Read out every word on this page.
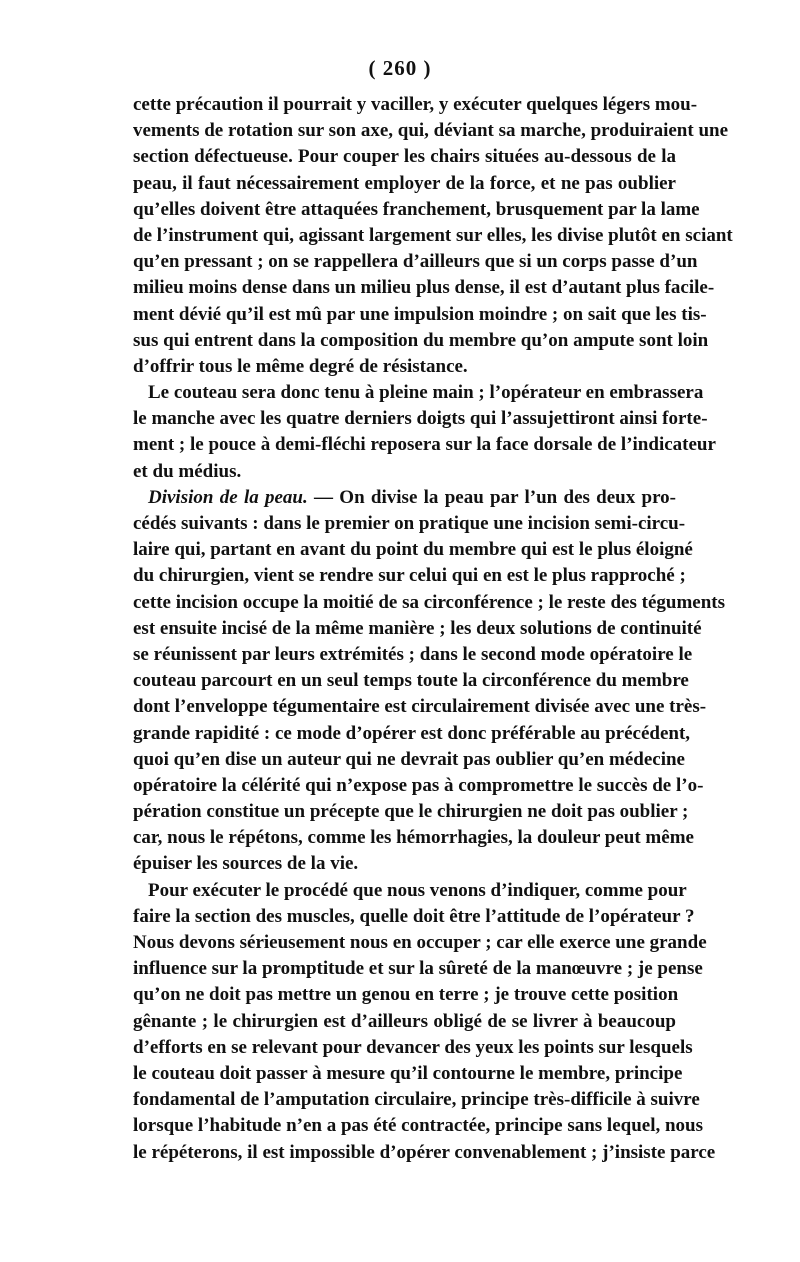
( 260 )
cette précaution il pourrait y vaciller, y exécuter quelques légers mou-
vements de rotation sur son axe, qui, déviant sa marche, produiraient une
section défectueuse. Pour couper les chairs situées au-dessous de la
peau, il faut nécessairement employer de la force, et ne pas oublier
qu’elles doivent être attaquées franchement, brusquement par la lame
de l’instrument qui, agissant largement sur elles, les divise plutôt en sciant
qu’en pressant ; on se rappellera d’ailleurs que si un corps passe d’un
milieu moins dense dans un milieu plus dense, il est d’autant plus facile-
ment dévié qu’il est mû par une impulsion moindre ; on sait que les tis-
sus qui entrent dans la composition du membre qu’on ampute sont loin
d’offrir tous le même degré de résistance.
Le couteau sera donc tenu à pleine main ; l’opérateur en embrassera
le manche avec les quatre derniers doigts qui l’assujettiront ainsi forte-
ment ; le pouce à demi-fléchi reposera sur la face dorsale de l’indicateur
et du médius.
Division de la peau. — On divise la peau par l’un des deux pro-
cédés suivants : dans le premier on pratique une incision semi-circu-
laire qui, partant en avant du point du membre qui est le plus éloigné
du chirurgien, vient se rendre sur celui qui en est le plus rapproché ;
cette incision occupe la moitié de sa circonférence ; le reste des téguments
est ensuite incisé de la même manière ; les deux solutions de continuité
se réunissent par leurs extrémités ; dans le second mode opératoire le
couteau parcourt en un seul temps toute la circonférence du membre
dont l’enveloppe tégumentaire est circulairement divisée avec une très-
grande rapidité : ce mode d’opérer est donc préférable au précédent,
quoi qu’en dise un auteur qui ne devrait pas oublier qu’en médecine
opératoire la célérité qui n’expose pas à compromettre le succès de l’o-
pération constitue un précepte que le chirurgien ne doit pas oublier ;
car, nous le répétons, comme les hémorrhagies, la douleur peut même
épuiser les sources de la vie.
Pour exécuter le procédé que nous venons d’indiquer, comme pour
faire la section des muscles, quelle doit être l’attitude de l’opérateur ?
Nous devons sérieusement nous en occuper ; car elle exerce une grande
influence sur la promptitude et sur la sûreté de la manœuvre ; je pense
qu’on ne doit pas mettre un genou en terre ; je trouve cette position
gênante ; le chirurgien est d’ailleurs obligé de se livrer à beaucoup
d’efforts en se relevant pour devancer des yeux les points sur lesquels
le couteau doit passer à mesure qu’il contourne le membre, principe
fondamental de l’amputation circulaire, principe très-difficile à suivre
lorsque l’habitude n’en a pas été contractée, principe sans lequel, nous
le répéterons, il est impossible d’opérer convenablement ; j’insiste parce
